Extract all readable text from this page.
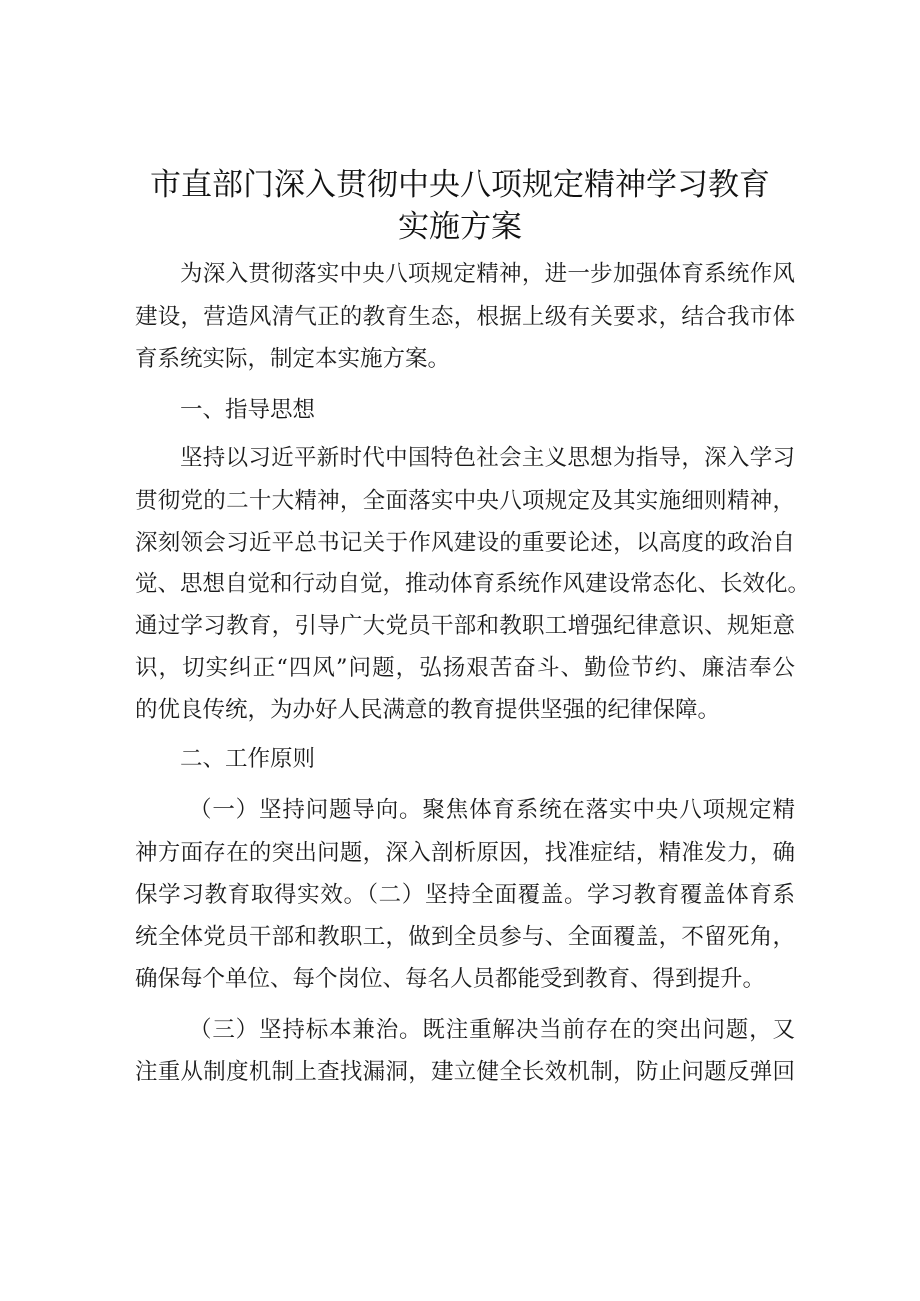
市直部门深入贯彻中央八项规定精神学习教育
实施方案

为深入贯彻落实中央八项规定精神，进一步加强体育系统作风

建设，营造风清气正的教育生态，根据上级有关要求，结合我市体

育系统实际，制定本实施方案。

一、指导思想

坚持以习近平新时代中国特色社会主义思想为指导，深入学习

贯彻党的二十大精神，全面落实中央八项规定及其实施细则精神，

深刻领会习近平总书记关于作风建设的重要论述，以高度的政治自

觉、思想自觉和行动自觉，推动体育系统作风建设常态化、长效化。

通过学习教育，引导广大党员干部和教职工增强纪律意识、规矩意

识，切实纠正“四风”问题，弘扬艰苦奋斗、勤俭节约、廉洁奉公

的优良传统，为办好人民满意的教育提供坚强的纪律保障。

二、工作原则

（一）坚持问题导向。聚焦体育系统在落实中央八项规定精

神方面存在的突出问题，深入剖析原因，找准症结，精准发力，确

保学习教育取得实效。（二）坚持全面覆盖。学习教育覆盖体育系

统全体党员干部和教职工，做到全员参与、全面覆盖，不留死角，

确保每个单位、每个岗位、每名人员都能受到教育、得到提升。

（三）坚持标本兼治。既注重解决当前存在的突出问题，又

注重从制度机制上查找漏洞，建立健全长效机制，防止问题反弹回
